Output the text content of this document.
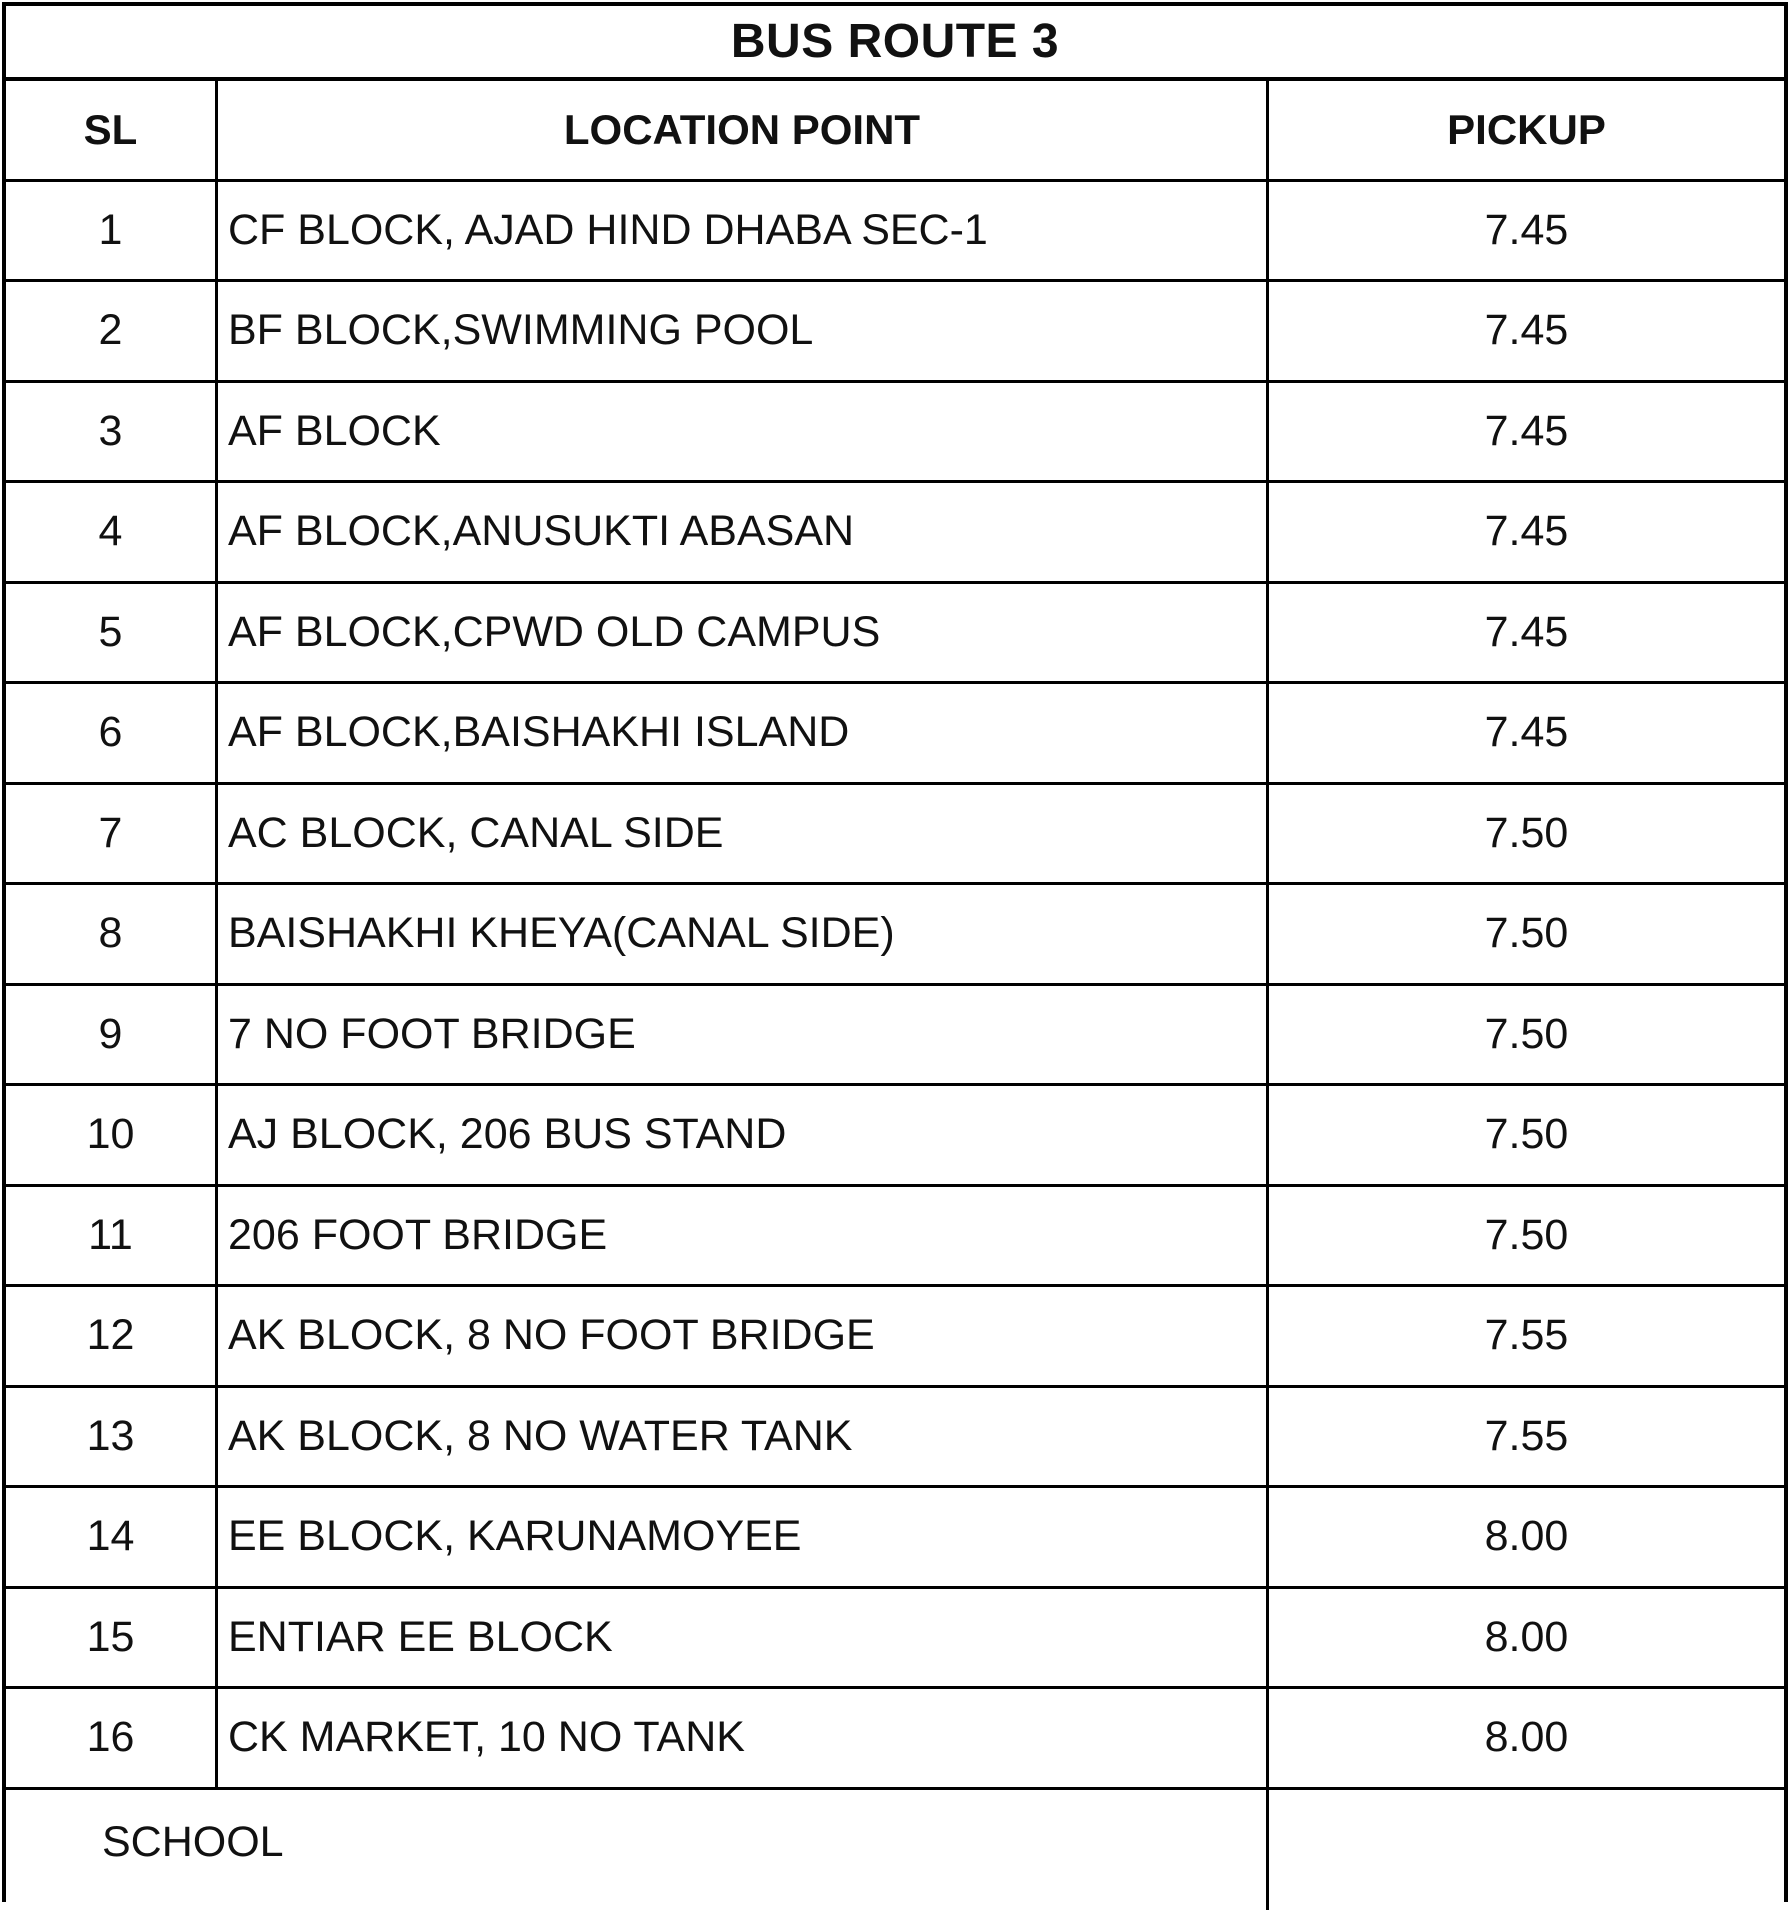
BUS ROUTE 3
SL	LOCATION POINT	PICKUP
1	CF BLOCK, AJAD HIND DHABA SEC-1	7.45
2	BF BLOCK,SWIMMING POOL	7.45
3	AF BLOCK	7.45
4	AF BLOCK,ANUSUKTI ABASAN	7.45
5	AF BLOCK,CPWD OLD CAMPUS	7.45
6	AF BLOCK,BAISHAKHI ISLAND	7.45
7	AC BLOCK, CANAL SIDE	7.50
8	BAISHAKHI KHEYA(CANAL SIDE)	7.50
9	7 NO FOOT BRIDGE	7.50
10	AJ BLOCK, 206 BUS STAND	7.50
11	206 FOOT BRIDGE	7.50
12	AK BLOCK, 8 NO FOOT BRIDGE	7.55
13	AK BLOCK, 8 NO WATER TANK	7.55
14	EE BLOCK, KARUNAMOYEE	8.00
15	ENTIAR EE BLOCK	8.00
16	CK MARKET, 10 NO TANK	8.00
SCHOOL
